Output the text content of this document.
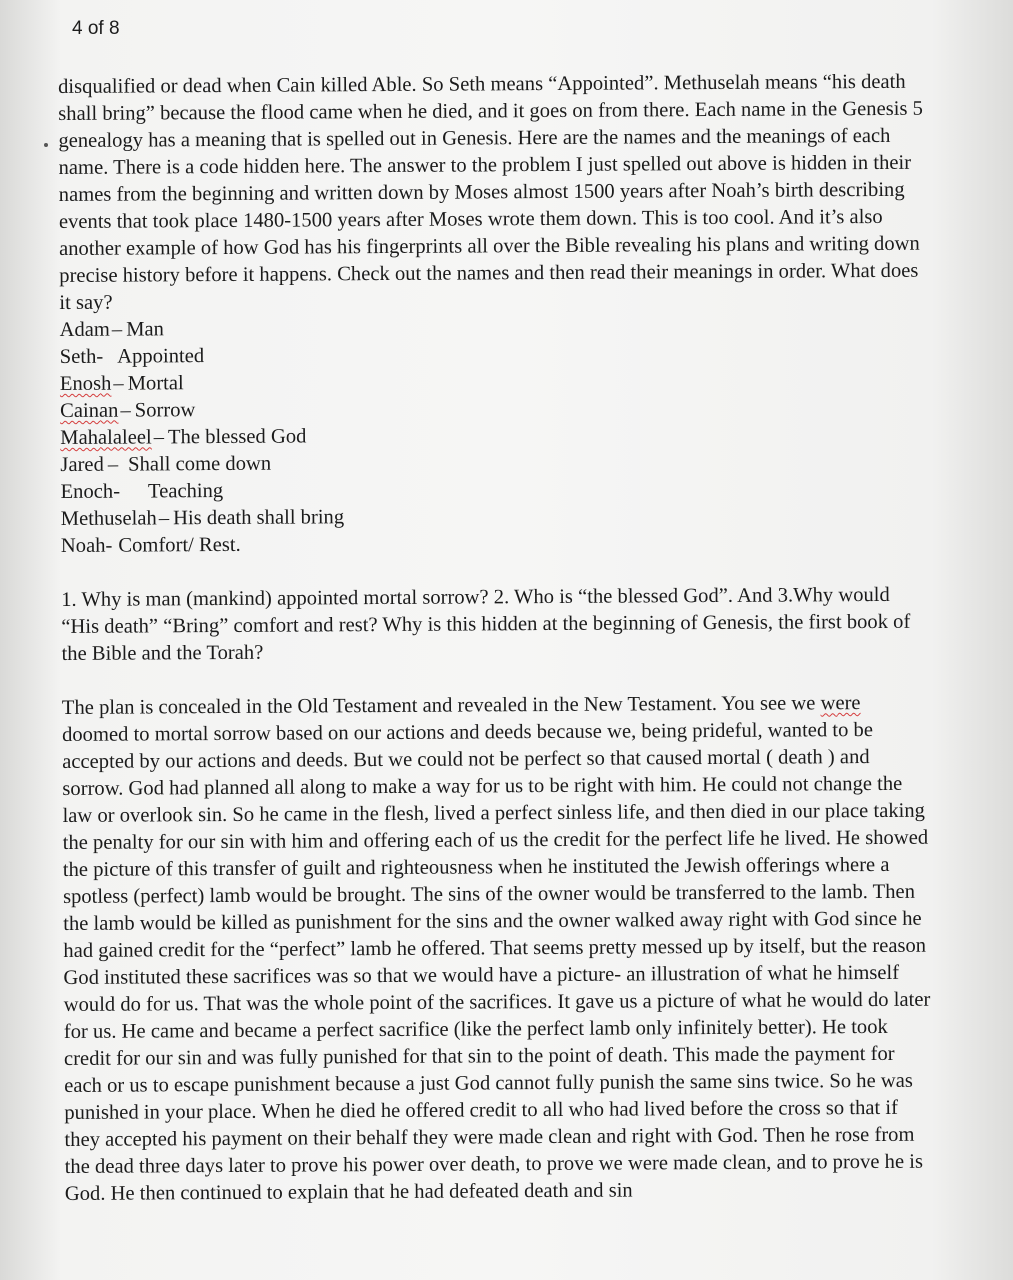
4 of 8

disqualified or dead when Cain killed Able. So Seth means “Appointed”. Methuselah means “his death shall bring” because the flood came when he died, and it goes on from there. Each name in the Genesis 5 genealogy has a meaning that is spelled out in Genesis. Here are the names and the meanings of each name. There is a code hidden here. The answer to the problem I just spelled out above is hidden in their names from the beginning and written down by Moses almost 1500 years after Noah’s birth describing events that took place 1480-1500 years after Moses wrote them down. This is too cool. And it’s also another example of how God has his fingerprints all over the Bible revealing his plans and writing down precise history before it happens. Check out the names and then read their meanings in order. What does it say?

Adam– Man
Seth- Appointed
Enosh– Mortal
Cainan– Sorrow
Mahalaleel– The blessed God
Jared – Shall come down
Enoch- Teaching
Methuselah– His death shall bring
Noah- Comfort/ Rest.

1. Why is man (mankind) appointed mortal sorrow? 2. Who is “the blessed God”. And 3.Why would “His death” “Bring” comfort and rest? Why is this hidden at the beginning of Genesis, the first book of the Bible and the Torah?

The plan is concealed in the Old Testament and revealed in the New Testament. You see we were doomed to mortal sorrow based on our actions and deeds because we, being prideful, wanted to be accepted by our actions and deeds. But we could not be perfect so that caused mortal ( death ) and sorrow. God had planned all along to make a way for us to be right with him. He could not change the law or overlook sin. So he came in the flesh, lived a perfect sinless life, and then died in our place taking the penalty for our sin with him and offering each of us the credit for the perfect life he lived. He showed the picture of this transfer of guilt and righteousness when he instituted the Jewish offerings where a spotless (perfect) lamb would be brought. The sins of the owner would be transferred to the lamb. Then the lamb would be killed as punishment for the sins and the owner walked away right with God since he had gained credit for the “perfect” lamb he offered. That seems pretty messed up by itself, but the reason God instituted these sacrifices was so that we would have a picture- an illustration of what he himself would do for us. That was the whole point of the sacrifices. It gave us a picture of what he would do later for us. He came and became a perfect sacrifice (like the perfect lamb only infinitely better). He took credit for our sin and was fully punished for that sin to the point of death. This made the payment for each or us to escape punishment because a just God cannot fully punish the same sins twice. So he was punished in your place. When he died he offered credit to all who had lived before the cross so that if they accepted his payment on their behalf they were made clean and right with God. Then he rose from the dead three days later to prove his power over death, to prove we were made clean, and to prove he is God. He then continued to explain that he had defeated death and sin
